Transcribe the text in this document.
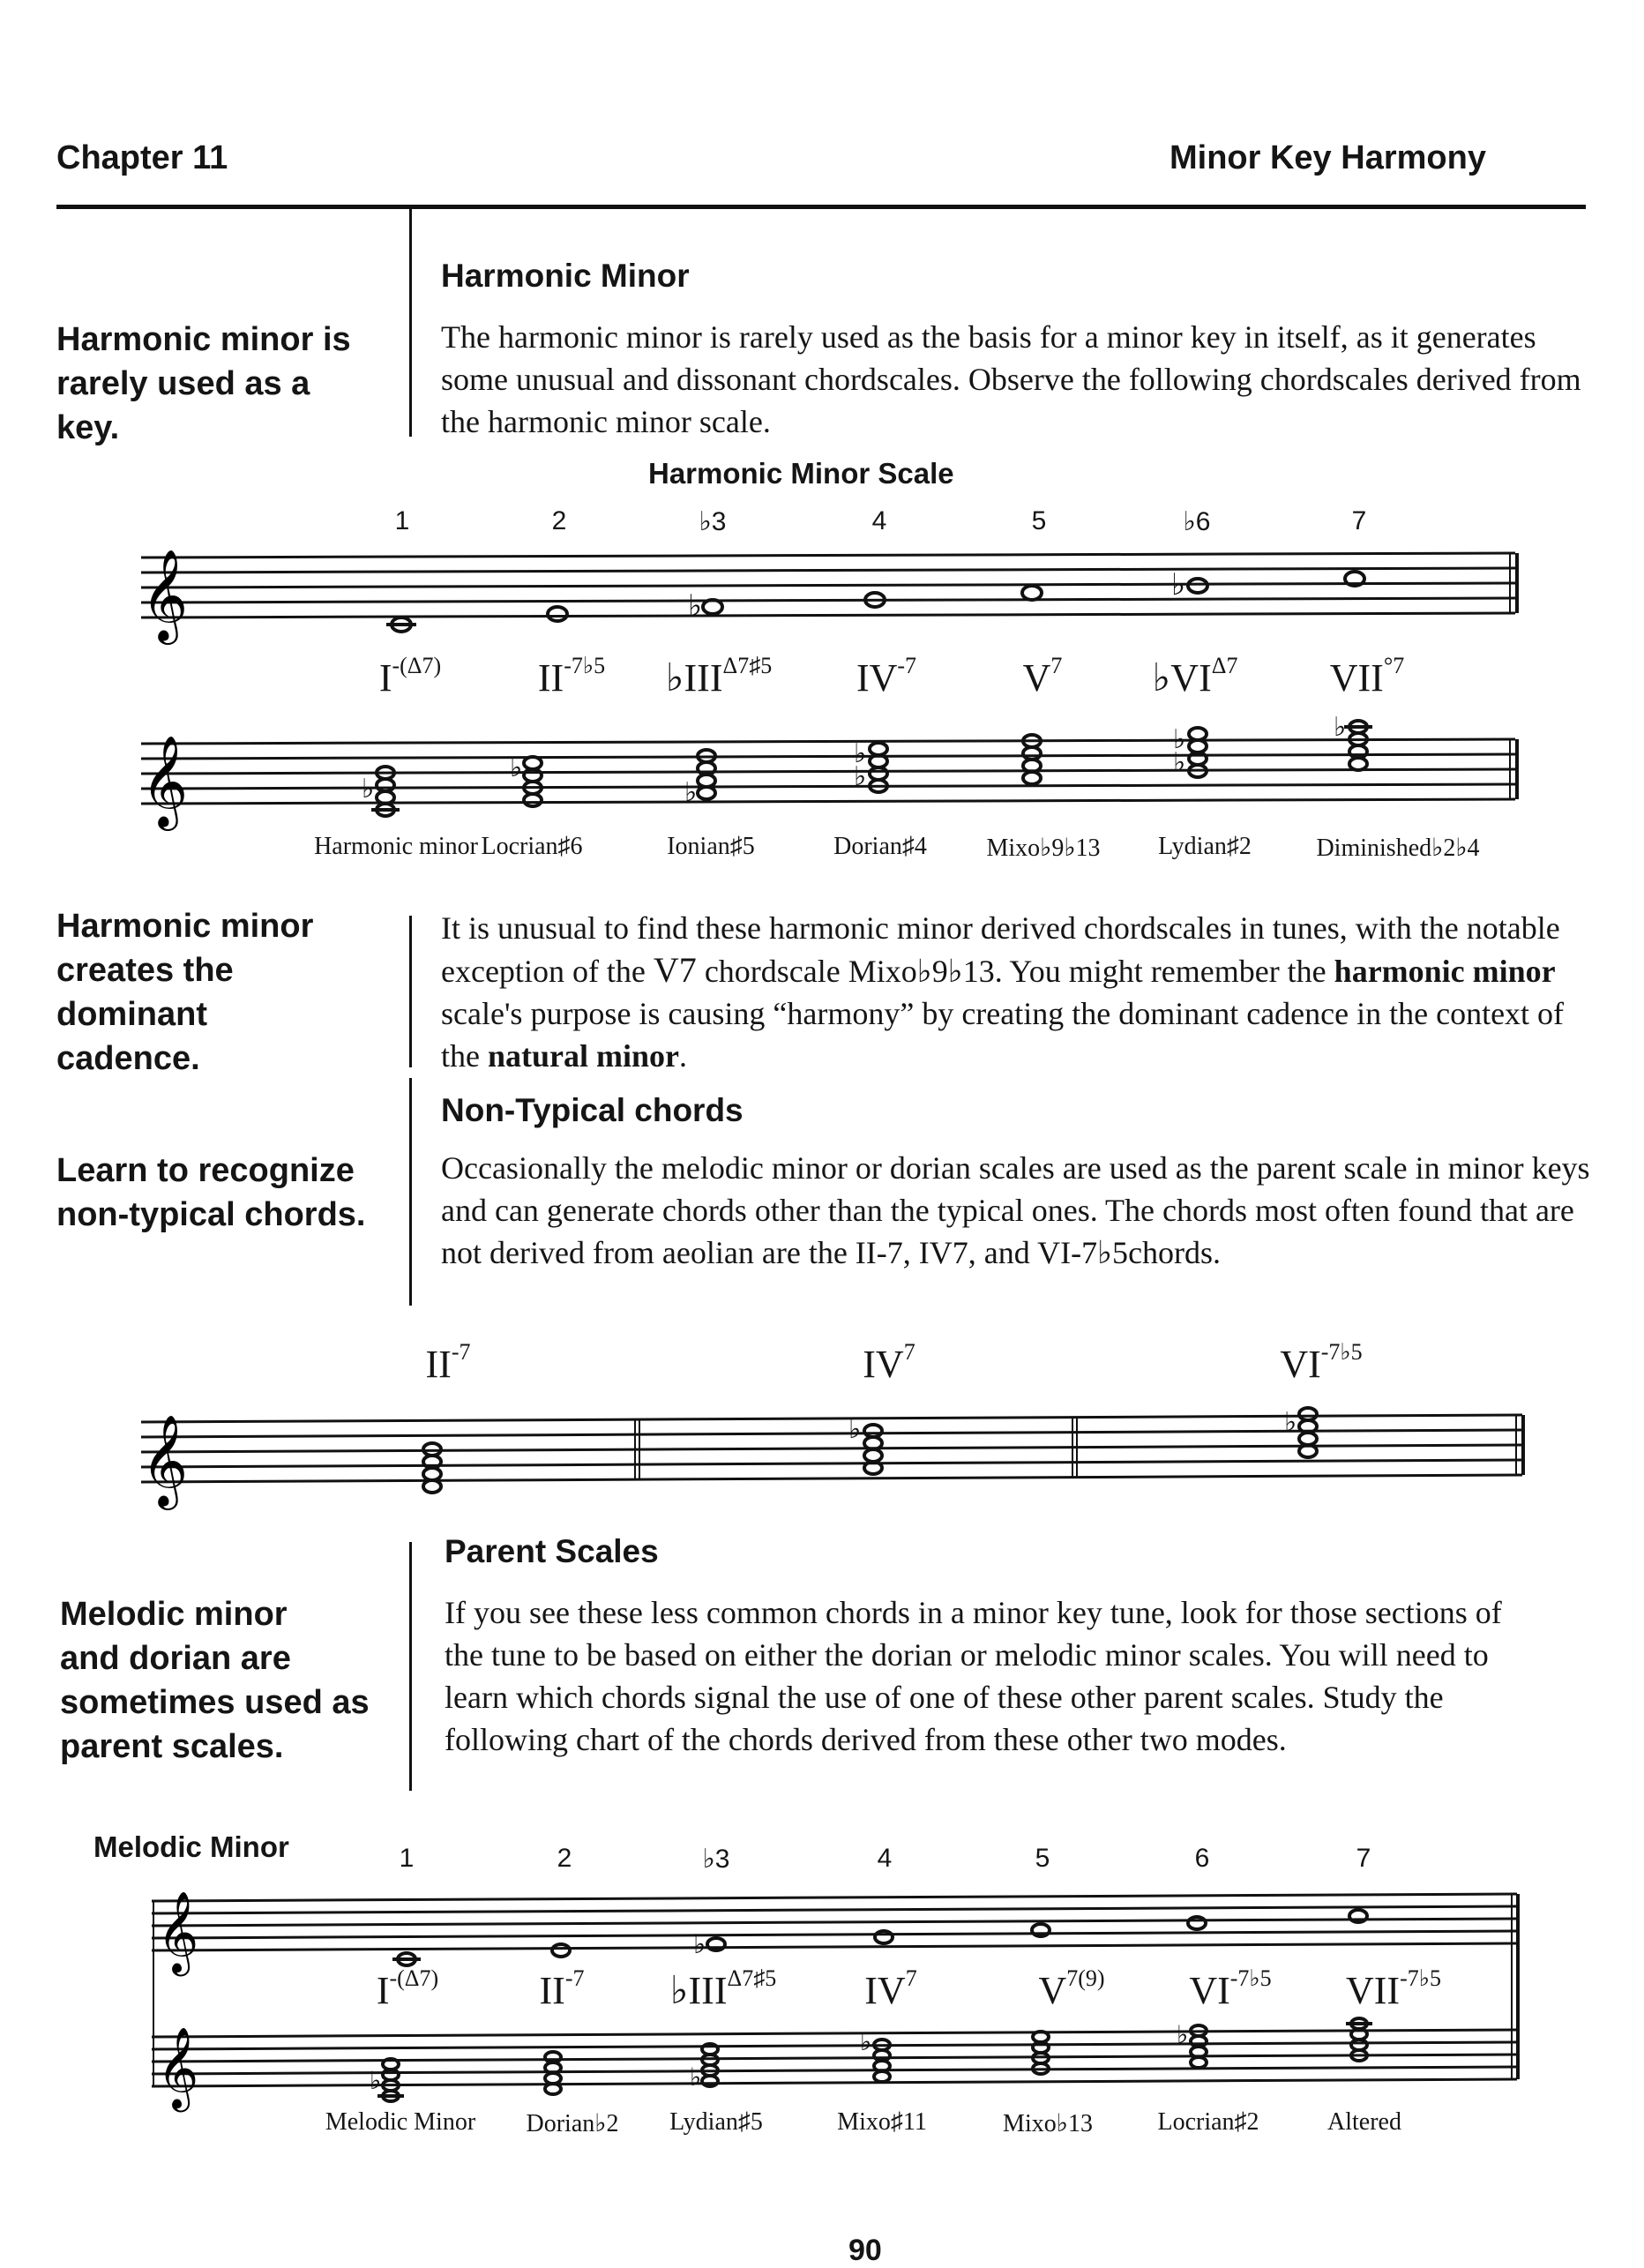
Chapter 11	Minor Key Harmony
Harmonic minor is
rarely used as a
key.
Harmonic Minor

The harmonic minor is rarely used as the basis for a minor key in itself, as it generates some unusual and dissonant chordscales. Observe the following chordscales derived from the harmonic minor scale.

Harmonic Minor Scale
1	2	♭3	4	5	♭6	7
𝄞
𝄞
♭
♭
♭
♭
♭
♭
♭
♭
♭
♭
$I^{-(\Delta 7)}$ $II^{-7♭5}$ $♭III^{\Delta 7♯5}$ $IV^{-7}$	$V^7$ $♭VI^{\Delta 7}$ $VII^{^\circ 7}$
Harmonic minor Locrian♯6	Ionian♯5	Dorian♯4 Mixo♭9♭13 Lydian♯2	Diminished♭2♭4
Harmonic minor
creates the
dominant
cadence.

It is unusual to find these harmonic minor derived chordscales in tunes, with the notable exception of the V7 chordscale Mixo♭9♭13. You might remember the harmonic minor scale's purpose is causing “harmony” by creating the dominant cadence in the context of the natural minor.

Non-Typical chords
Learn to recognize
non-typical chords.

Occasionally the melodic minor or dorian scales are used as the parent scale in minor keys and can generate chords other than the typical ones. The chords most often found that are not derived from aeolian are the II-7, IV7, and VI-7♭5chords.

𝄞	♭	♭
$II^{-7}$	$IV^7$	$VI^{-7♭5}$
Parent Scales
Melodic minor
and dorian are
sometimes used as
parent scales.

If you see these less common chords in a minor key tune, look for those sections of the tune to be based on either the dorian or melodic minor scales. You will need to learn which chords signal the use of one of these other parent scales. Study the following chart of the chords derived from these other two modes.

Melodic Minor	1	2	♭3	4	5	6	7
𝄞
𝄞
♭
♭	♭
♭	♭
$I^{-(\Delta 7)}$	$II^{-7}$ $♭III^{\Delta 7♯5}$ $IV^7$	$V^{7(9)}$ $VI^{-7♭5}$ $VII^{-7♭5}$
Melodic Minor Dorian♭2 Lydian♯5	Mixo♯11	Mixo♭13	Locrian♯2	Altered
90
